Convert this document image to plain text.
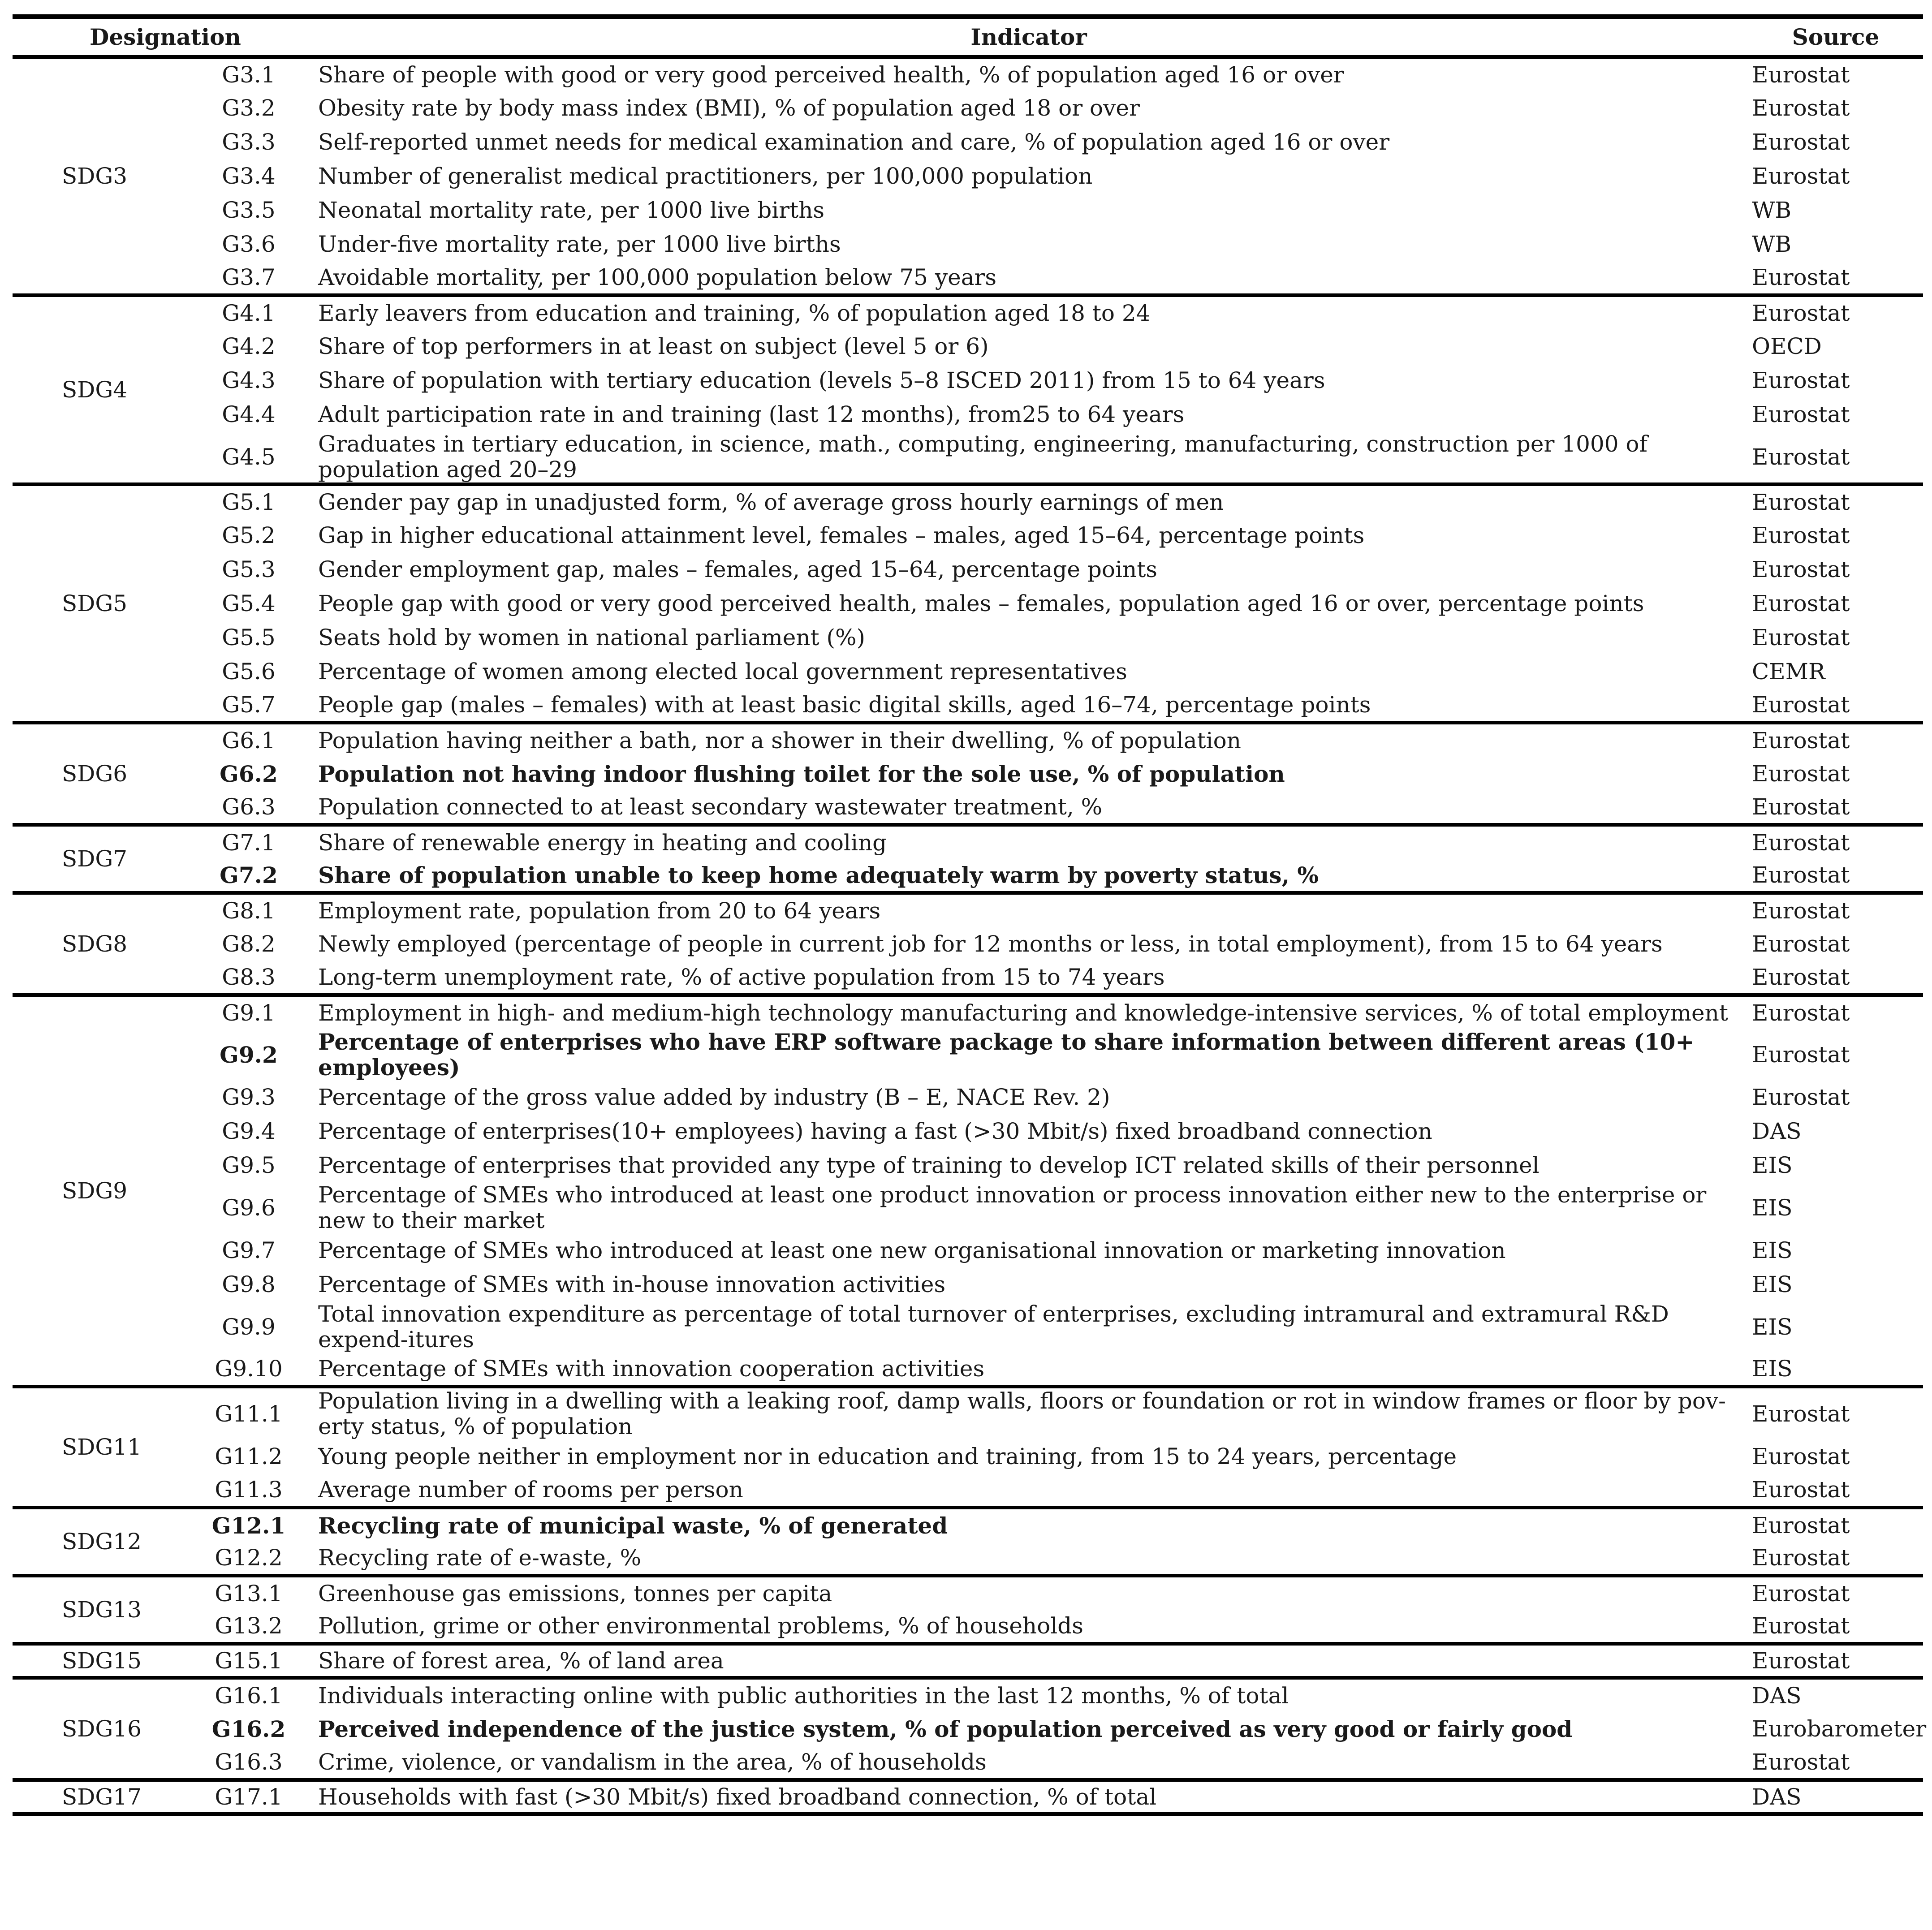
Designation		Indicator	Source
SDG3	G3.1	Share of people with good or very good perceived health, % of population aged 16 or over	Eurostat
	G3.2	Obesity rate by body mass index (BMI), % of population aged 18 or over	Eurostat
	G3.3	Self-reported unmet needs for medical examination and care, % of population aged 16 or over	Eurostat
	G3.4	Number of generalist medical practitioners, per 100,000 population	Eurostat
	G3.5	Neonatal mortality rate, per 1000 live births	WB
	G3.6	Under-five mortality rate, per 1000 live births	WB
	G3.7	Avoidable mortality, per 100,000 population below 75 years	Eurostat
SDG4	G4.1	Early leavers from education and training, % of population aged 18 to 24	Eurostat
	G4.2	Share of top performers in at least on subject (level 5 or 6)	OECD
	G4.3	Share of population with tertiary education (levels 5–8 ISCED 2011) from 15 to 64 years	Eurostat
	G4.4	Adult participation rate in and training (last 12 months), from25 to 64 years	Eurostat
	G4.5	Graduates in tertiary education, in science, math., computing, engineering, manufacturing, construction per 1000 of population aged 20–29	Eurostat
SDG5	G5.1	Gender pay gap in unadjusted form, % of average gross hourly earnings of men	Eurostat
	G5.2	Gap in higher educational attainment level, females – males, aged 15–64, percentage points	Eurostat
	G5.3	Gender employment gap, males – females, aged 15–64, percentage points	Eurostat
	G5.4	People gap with good or very good perceived health, males – females, population aged 16 or over, percentage points	Eurostat
	G5.5	Seats hold by women in national parliament (%)	Eurostat
	G5.6	Percentage of women among elected local government representatives	CEMR
	G5.7	People gap (males – females) with at least basic digital skills, aged 16–74, percentage points	Eurostat
SDG6	G6.1	Population having neither a bath, nor a shower in their dwelling, % of population	Eurostat
	G6.2	Population not having indoor flushing toilet for the sole use, % of population	Eurostat
	G6.3	Population connected to at least secondary wastewater treatment, %	Eurostat
SDG7	G7.1	Share of renewable energy in heating and cooling	Eurostat
	G7.2	Share of population unable to keep home adequately warm by poverty status, %	Eurostat
SDG8	G8.1	Employment rate, population from 20 to 64 years	Eurostat
	G8.2	Newly employed (percentage of people in current job for 12 months or less, in total employment), from 15 to 64 years	Eurostat
	G8.3	Long-term unemployment rate, % of active population from 15 to 74 years	Eurostat
SDG9	G9.1	Employment in high- and medium-high technology manufacturing and knowledge-intensive services, % of total employment	Eurostat
	G9.2	Percentage of enterprises who have ERP software package to share information between different areas (10+ employees)	Eurostat
	G9.3	Percentage of the gross value added by industry (B – E, NACE Rev. 2)	Eurostat
	G9.4	Percentage of enterprises(10+ employees) having a fast (>30 Mbit/s) fixed broadband connection	DAS
	G9.5	Percentage of enterprises that provided any type of training to develop ICT related skills of their personnel	EIS
	G9.6	Percentage of SMEs who introduced at least one product innovation or process innovation either new to the enterprise or new to their market	EIS
	G9.7	Percentage of SMEs who introduced at least one new organisational innovation or marketing innovation	EIS
	G9.8	Percentage of SMEs with in-house innovation activities	EIS
	G9.9	Total innovation expenditure as percentage of total turnover of enterprises, excluding intramural and extramural R&D expend-itures	EIS
	G9.10	Percentage of SMEs with innovation cooperation activities	EIS
SDG11	G11.1	Population living in a dwelling with a leaking roof, damp walls, floors or foundation or rot in window frames or floor by pov-erty status, % of population	Eurostat
	G11.2	Young people neither in employment nor in education and training, from 15 to 24 years, percentage	Eurostat
	G11.3	Average number of rooms per person	Eurostat
SDG12	G12.1	Recycling rate of municipal waste, % of generated	Eurostat
	G12.2	Recycling rate of e-waste, %	Eurostat
SDG13	G13.1	Greenhouse gas emissions, tonnes per capita	Eurostat
	G13.2	Pollution, grime or other environmental problems, % of households	Eurostat
SDG15	G15.1	Share of forest area, % of land area	Eurostat
SDG16	G16.1	Individuals interacting online with public authorities in the last 12 months, % of total	DAS
	G16.2	Perceived independence of the justice system, % of population perceived as very good or fairly good	Eurobarometer
	G16.3	Crime, violence, or vandalism in the area, % of households	Eurostat
SDG17	G17.1	Households with fast (>30 Mbit/s) fixed broadband connection, % of total	DAS
